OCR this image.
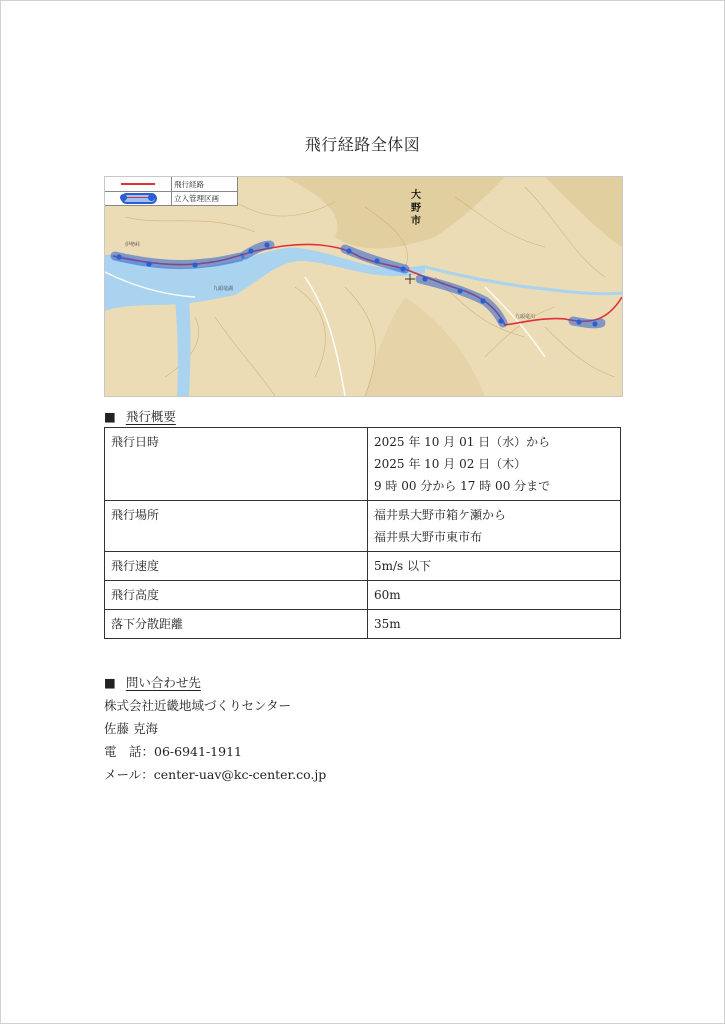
飛行経路全体図
飛行経路
立入管理区画	大
野
市
九頭竜湖
伊勢峠
九頭竜川
■ 飛行概要
飛行日時	2025 年 10 月 01 日（水）から
2025 年 10 月 02 日（木）
9 時 00 分から 17 時 00 分まで

飛行場所	福井県大野市箱ケ瀬から
福井県大野市東市布

飛行速度	5m/s 以下

飛行高度	60m

落下分散距離	35m
■ 問い合わせ先
株式会社近畿地域づくりセンター
佐藤 克海
電　話：06-6941-1911
メール：center-uav@kc-center.co.jp
